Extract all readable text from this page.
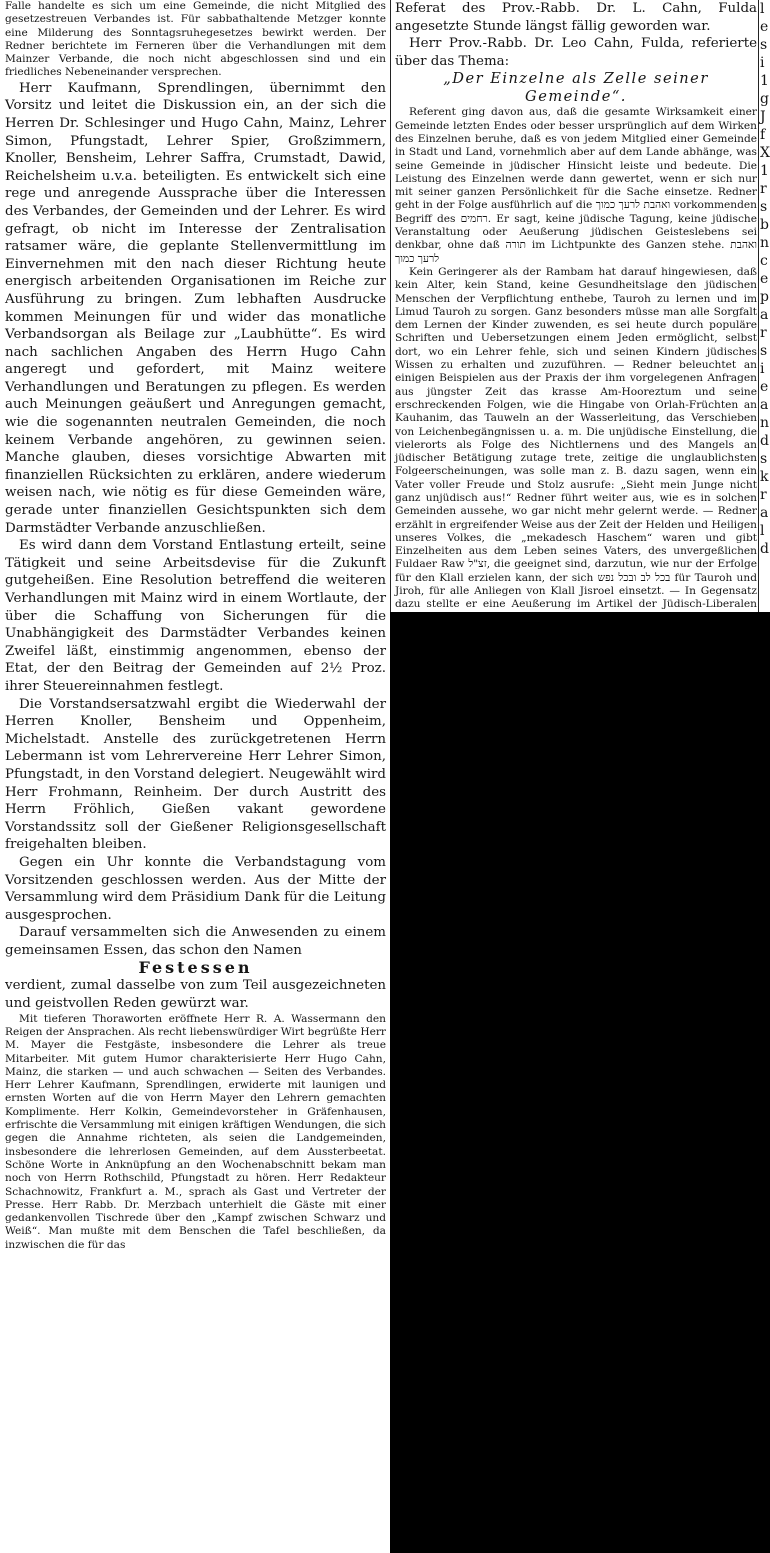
Falle handelte es sich um eine Gemeinde, die nicht Mitglied des gesetzestreuen Verbandes ist. Für sabbathaltende Metzger konnte eine Milderung des Sonntagsruhegesetzes bewirkt werden. Der Redner berichtete im Ferneren über die Verhandlungen mit dem Mainzer Verbande, die noch nicht abgeschlossen sind und ein friedliches Nebeneinander versprechen.

Herr Kaufmann, Sprendlingen, übernimmt den Vorsitz und leitet die Diskussion ein, an der sich die Herren Dr. Schlesinger und Hugo Cahn, Mainz, Lehrer Simon, Pfungstadt, Lehrer Spier, Großzimmern, Knoller, Bensheim, Lehrer Saffra, Crumstadt, Dawid, Reichelsheim u.v.a. beteiligten. Es entwickelt sich eine rege und anregende Aussprache über die Interessen des Verbandes, der Gemeinden und der Lehrer. Es wird gefragt, ob nicht im Interesse der Zentralisation ratsamer wäre, die geplante Stellenvermittlung im Einvernehmen mit den nach dieser Richtung heute energisch arbeitenden Organisationen im Reiche zur Ausführung zu bringen. Zum lebhaften Ausdrucke kommen Meinungen für und wider das monatliche Verbandsorgan als Beilage zur „Laubhütte“. Es wird nach sachlichen Angaben des Herrn Hugo Cahn angeregt und gefordert, mit Mainz weitere Verhandlungen und Beratungen zu pflegen. Es werden auch Meinungen geäußert und Anregungen gemacht, wie die sogenannten neutralen Gemeinden, die noch keinem Verbande angehören, zu gewinnen seien. Manche glauben, dieses vorsichtige Abwarten mit finanziellen Rücksichten zu erklären, andere wiederum weisen nach, wie nötig es für diese Gemeinden wäre, gerade unter finanziellen Gesichtspunkten sich dem Darmstädter Verbande anzuschließen.

Es wird dann dem Vorstand Entlastung erteilt, seine Tätigkeit und seine Arbeitsdevise für die Zukunft gutgeheißen. Eine Resolution betreffend die weiteren Verhandlungen mit Mainz wird in einem Wortlaute, der über die Schaffung von Sicherungen für die Unabhängigkeit des Darmstädter Verbandes keinen Zweifel läßt, einstimmig angenommen, ebenso der Etat, der den Beitrag der Gemeinden auf 2½ Proz. ihrer Steuereinnahmen festlegt.

Die Vorstandsersatzwahl ergibt die Wiederwahl der Herren Knoller, Bensheim und Oppenheim, Michelstadt. Anstelle des zurückgetretenen Herrn Lebermann ist vom Lehrervereine Herr Lehrer Simon, Pfungstadt, in den Vorstand delegiert. Neugewählt wird Herr Frohmann, Reinheim. Der durch Austritt des Herrn Fröhlich, Gießen vakant gewordene Vorstandssitz soll der Gießener Religionsgesellschaft freigehalten bleiben.

Gegen ein Uhr konnte die Verbandstagung vom Vorsitzenden geschlossen werden. Aus der Mitte der Versammlung wird dem Präsidium Dank für die Leitung ausgesprochen.

Darauf versammelten sich die Anwesenden zu einem gemeinsamen Essen, das schon den Namen

Festessen

verdient, zumal dasselbe von zum Teil ausgezeichneten und geistvollen Reden gewürzt war.

Mit tieferen Thoraworten eröffnete Herr R. A. Wassermann den Reigen der Ansprachen. Als recht liebenswürdiger Wirt begrüßte Herr M. Mayer die Festgäste, insbesondere die Lehrer als treue Mitarbeiter. Mit gutem Humor charakterisierte Herr Hugo Cahn, Mainz, die starken — und auch schwachen — Seiten des Verbandes. Herr Lehrer Kaufmann, Sprendlingen, erwiderte mit launigen und ernsten Worten auf die von Herrn Mayer den Lehrern gemachten Komplimente. Herr Kolkin, Gemeindevorsteher in Gräfenhausen, erfrischte die Versammlung mit einigen kräftigen Wendungen, die sich gegen die Annahme richteten, als seien die Landgemeinden, insbesondere die lehrerlosen Gemeinden, auf dem Aussterbeetat. Schöne Worte in Anknüpfung an den Wochenabschnitt bekam man noch von Herrn Rothschild, Pfungstadt zu hören. Herr Redakteur Schachnowitz, Frankfurt a. M., sprach als Gast und Vertreter der Presse. Herr Rabb. Dr. Merzbach unterhielt die Gäste mit einer gedankenvollen Tischrede über den „Kampf zwischen Schwarz und Weiß“. Man mußte mit dem Benschen die Tafel beschließen, da inzwischen die für das

Referat des Prov.-Rabb. Dr. L. Cahn, Fulda angesetzte Stunde längst fällig geworden war.

Herr Prov.-Rabb. Dr. Leo Cahn, Fulda, referierte über das Thema:

„Der Einzelne als Zelle seiner Gemeinde“.

Referent ging davon aus, daß die gesamte Wirksamkeit einer Gemeinde letzten Endes oder besser ursprünglich auf dem Wirken des Einzelnen beruhe, daß es von jedem Mitglied einer Gemeinde in Stadt und Land, vornehmlich aber auf dem Lande abhänge, was seine Gemeinde in jüdischer Hinsicht leiste und bedeute. Die Leistung des Einzelnen werde dann gewertet, wenn er sich nur mit seiner ganzen Persönlichkeit für die Sache einsetze. Redner geht in der Folge ausführlich auf die ואהבת לרעך כמוך vorkommenden Begriff des רחמים. Er sagt, keine jüdische Tagung, keine jüdische Veranstaltung oder Aeußerung jüdischen Geisteslebens sei denkbar, ohne daß תורה im Lichtpunkte des Ganzen stehe. ואהבת לרעך כמוך

Kein Geringerer als der Rambam hat darauf hingewiesen, daß kein Alter, kein Stand, keine Gesundheitslage den jüdischen Menschen der Verpflichtung enthebe, Tauroh zu lernen und im Limud Tauroh zu sorgen. Ganz besonders müsse man alle Sorgfalt dem Lernen der Kinder zuwenden, es sei heute durch populäre Schriften und Uebersetzungen einem Jeden ermöglicht, selbst dort, wo ein Lehrer fehle, sich und seinen Kindern jüdisches Wissen zu erhalten und zuzuführen. — Redner beleuchtet an einigen Beispielen aus der Praxis der ihm vorgelegenen Anfragen aus jüngster Zeit das krasse Am-Hooreztum und seine erschreckenden Folgen, wie die Hingabe von Orlah-Früchten an Kauhanim, das Tauweln an der Wasserleitung, das Verschieben von Leichenbegängnissen u. a. m. Die unjüdische Einstellung, die vielerorts als Folge des Nichtlernens und des Mangels an jüdischer Betätigung zutage trete, zeitige die unglaublichsten Folgeerscheinungen, was solle man z. B. dazu sagen, wenn ein Vater voller Freude und Stolz ausrufe: „Sieht mein Junge nicht ganz unjüdisch aus!“ Redner führt weiter aus, wie es in solchen Gemeinden aussehe, wo gar nicht mehr gelernt werde. — Redner erzählt in ergreifender Weise aus der Zeit der Helden und Heiligen unseres Volkes, die „mekadesch Haschem“ waren und gibt Einzelheiten aus dem Leben seines Vaters, des unvergeßlichen Fuldaer Raw זצ"ל, die geeignet sind, darzutun, wie nur der Erfolge für den Klall erzielen kann, der sich בכל לב ובכל נפש für Tauroh und Jiroh, für alle Anliegen von Klall Jisroel einsetzt. — In Gegensatz dazu stellte er eine Aeußerung im Artikel der Jüdisch-Liberalen

l
e
s
i
1
g
J
f
X
1
r
s
b
n
c
e
p
a
r
s
i
e
a
n
d
s
k
r
a
l
d
